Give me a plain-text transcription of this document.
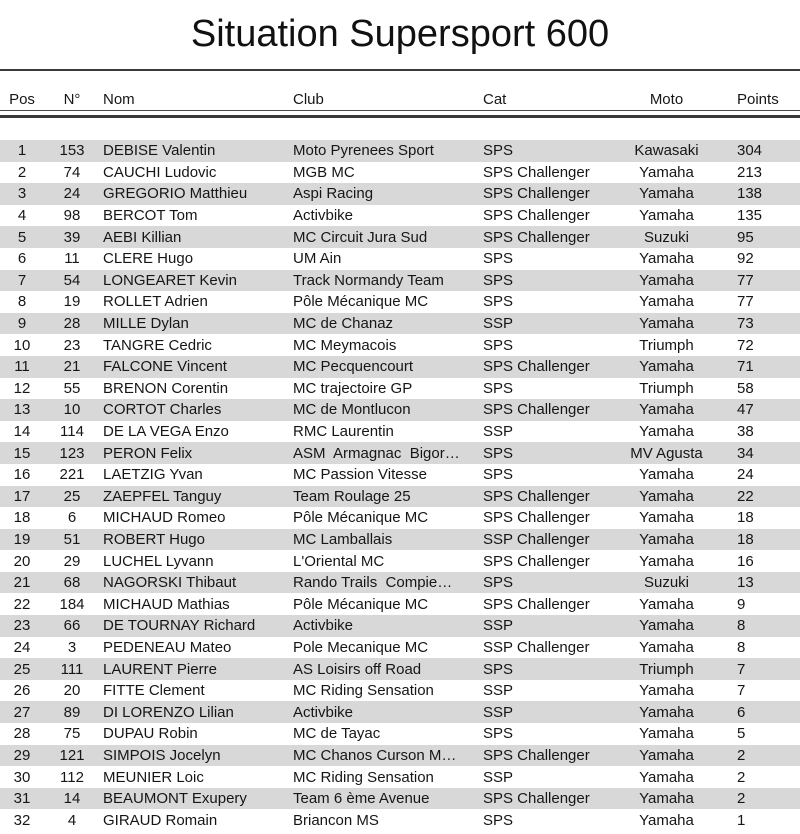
Situation Supersport 600
Pos	N°	Nom	Club	Cat	Moto	Points
1	153	DEBISE Valentin	Moto Pyrenees Sport	SPS	Kawasaki	304
2	74	CAUCHI Ludovic	MGB MC	SPS Challenger	Yamaha	213
3	24	GREGORIO Matthieu	Aspi Racing	SPS Challenger	Yamaha	138
4	98	BERCOT Tom	Activbike	SPS Challenger	Yamaha	135
5	39	AEBI Killian	MC Circuit Jura Sud	SPS Challenger	Suzuki	95
6	11	CLERE Hugo	UM Ain	SPS	Yamaha	92
7	54	LONGEARET Kevin	Track Normandy Team	SPS	Yamaha	77
8	19	ROLLET Adrien	Pôle Mécanique MC	SPS	Yamaha	77
9	28	MILLE Dylan	MC de Chanaz	SSP	Yamaha	73
10	23	TANGRE Cedric	MC Meymacois	SPS	Triumph	72
11	21	FALCONE Vincent	MC Pecquencourt	SPS Challenger	Yamaha	71
12	55	BRENON Corentin	MC trajectoire GP	SPS	Triumph	58
13	10	CORTOT Charles	MC de Montlucon	SPS Challenger	Yamaha	47
14	114	DE LA VEGA Enzo	RMC Laurentin	SSP	Yamaha	38
15	123	PERON Felix	ASM  Armagnac  Bigor…	SPS	MV Agusta	34
16	221	LAETZIG Yvan	MC Passion Vitesse	SPS	Yamaha	24
17	25	ZAEPFEL Tanguy	Team Roulage 25	SPS Challenger	Yamaha	22
18	6	MICHAUD Romeo	Pôle Mécanique MC	SPS Challenger	Yamaha	18
19	51	ROBERT Hugo	MC Lamballais	SSP Challenger	Yamaha	18
20	29	LUCHEL Lyvann	L'Oriental MC	SPS Challenger	Yamaha	16
21	68	NAGORSKI Thibaut	Rando Trails  Compie…	SPS	Suzuki	13
22	184	MICHAUD Mathias	Pôle Mécanique MC	SPS Challenger	Yamaha	9
23	66	DE TOURNAY Richard	Activbike	SSP	Yamaha	8
24	3	PEDENEAU Mateo	Pole Mecanique MC	SSP Challenger	Yamaha	8
25	111	LAURENT Pierre	AS Loisirs off Road	SPS	Triumph	7
26	20	FITTE Clement	MC Riding Sensation	SSP	Yamaha	7
27	89	DI LORENZO Lilian	Activbike	SSP	Yamaha	6
28	75	DUPAU Robin	MC de Tayac	SPS	Yamaha	5
29	121	SIMPOIS Jocelyn	MC Chanos Curson M…	SPS Challenger	Yamaha	2
30	112	MEUNIER Loic	MC Riding Sensation	SSP	Yamaha	2
31	14	BEAUMONT Exupery	Team 6 ème Avenue	SPS Challenger	Yamaha	2
32	4	GIRAUD Romain	Briancon MS	SPS	Yamaha	1
